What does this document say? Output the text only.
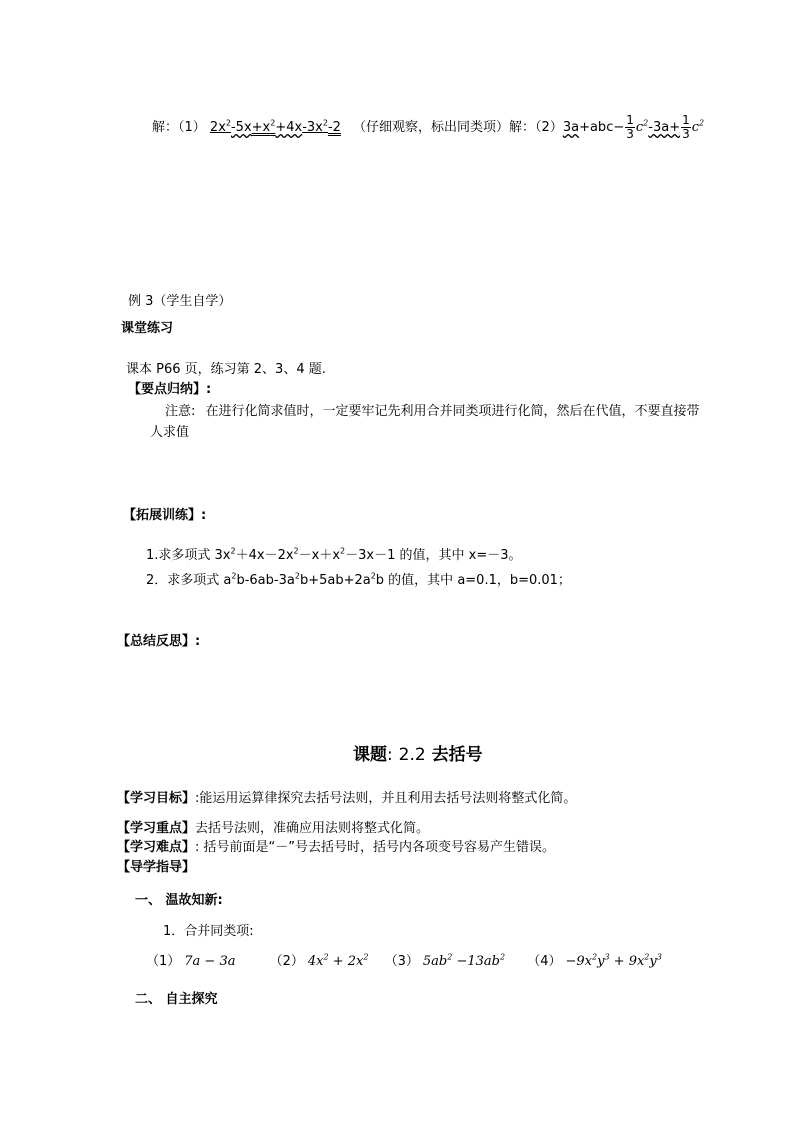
解：（1） $2x^2-5x+x^2+4x-3x^2-2$ （仔细观察，标出同类项）解：$(2)3a+abc- \frac{1}{3} c^2-3a+ \frac{1}{3} c^2$
例 3（学生自学）
课堂练习
课本 P66 页，练习第 2、3、4 题.
【要点归纳】:
注意: 在进行化简求值时，一定要牢记先利用合并同类项进行化简，然后在代值，不要直接带
人求值
【拓展训练】:
1.求多项式 $3x^2+4x-2x^2-x+x^2-3x-1$ 的值，其中 x=－3。
2．求多项式 $a^2b-6ab-3a^2b+5ab+2a^2b$ 的值，其中 a=0.1，b=0.01；
【总结反思】:
课题: 2.2 去括号
【学习目标】:能运用运算律探究去括号法则，并且利用去括号法则将整式化简。
【学习重点】去括号法则，准确应用法则将整式化简。
【学习难点】: 括号前面是“－”号去括号时，括号内各项变号容易产生错误。
【导学指导】
一、 温故知新:
1．合并同类项:
（1） 7a − 3a	（2） $4x^2 + 2x^2$ （3） $5ab^2 -13ab^2$ $(4) -9x^2y^3 + 9x^2y^3$
二、 自主探究
